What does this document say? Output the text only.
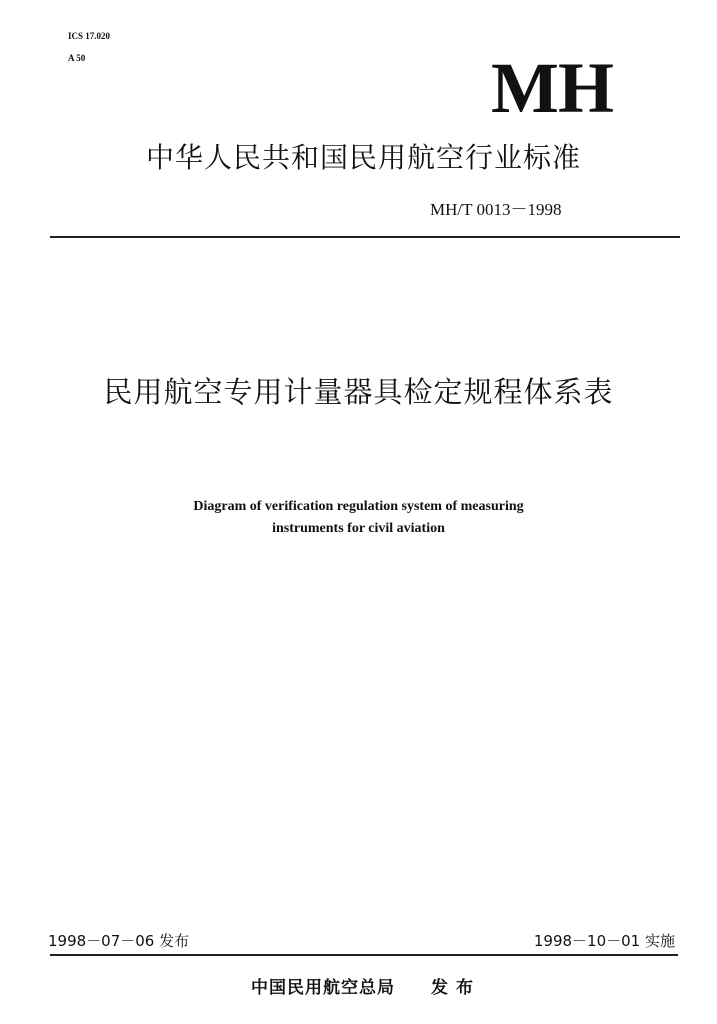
ICS 17.020
A 50	MH
中华人民共和国民用航空行业标准
MH/T 0013－1998
民用航空专用计量器具检定规程体系表
Diagram of verification regulation system of measuring
instruments for civil aviation
1998－07－06 发布	1998－10－01 实施
中国民用航空总局 发 布
